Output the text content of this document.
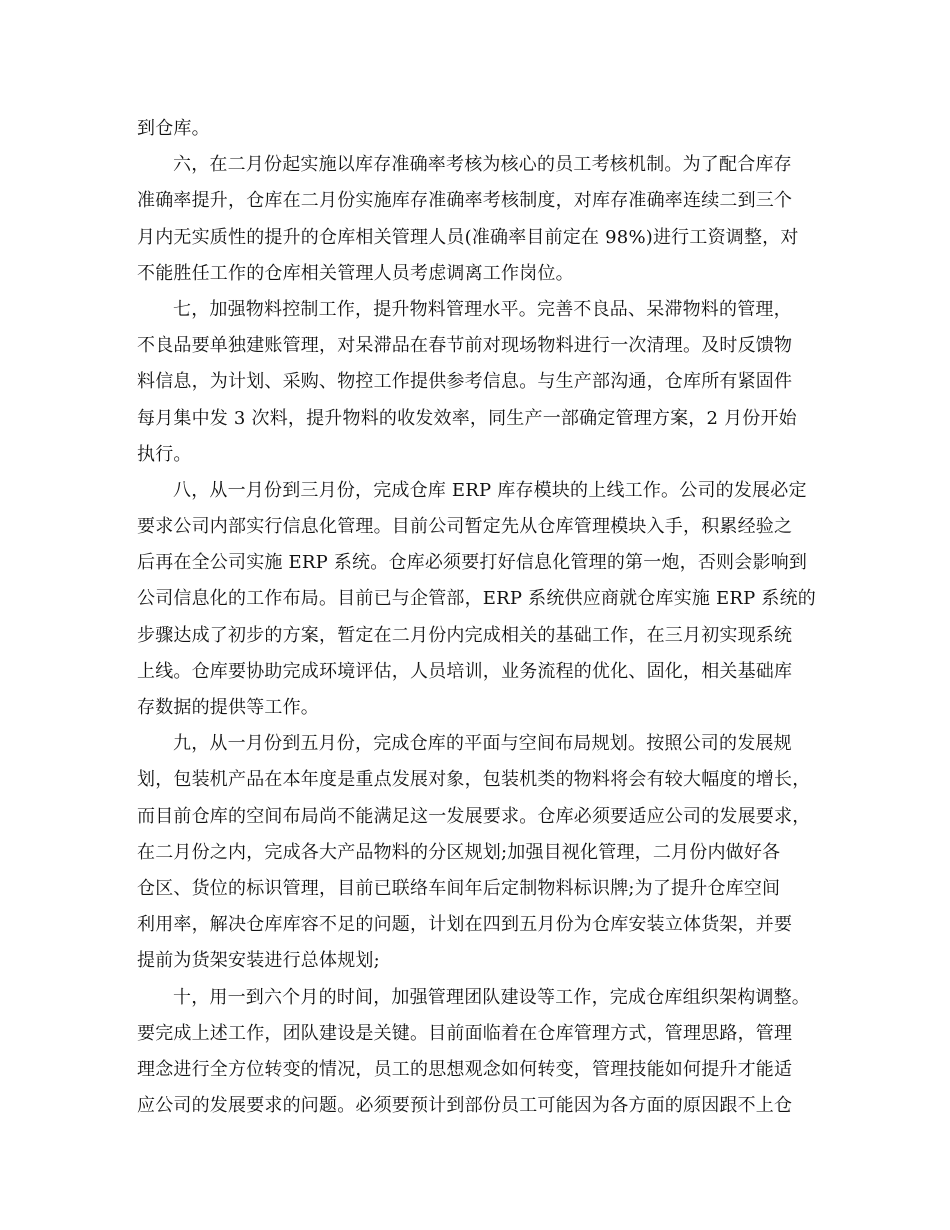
到仓库。
六，在二月份起实施以库存准确率考核为核心的员工考核机制。为了配合库存
准确率提升，仓库在二月份实施库存准确率考核制度，对库存准确率连续二到三个
月内无实质性的提升的仓库相关管理人员(准确率目前定在 98%)进行工资调整，对
不能胜任工作的仓库相关管理人员考虑调离工作岗位。
七，加强物料控制工作，提升物料管理水平。完善不良品、呆滞物料的管理，
不良品要单独建账管理，对呆滞品在春节前对现场物料进行一次清理。及时反馈物
料信息，为计划、采购、物控工作提供参考信息。与生产部沟通，仓库所有紧固件
每月集中发 3 次料，提升物料的收发效率，同生产一部确定管理方案，2 月份开始
执行。
八，从一月份到三月份，完成仓库 ERP 库存模块的上线工作。公司的发展必定
要求公司内部实行信息化管理。目前公司暂定先从仓库管理模块入手，积累经验之
后再在全公司实施 ERP 系统。仓库必须要打好信息化管理的第一炮，否则会影响到
公司信息化的工作布局。目前已与企管部，ERP 系统供应商就仓库实施 ERP 系统的
步骤达成了初步的方案，暂定在二月份内完成相关的基础工作，在三月初实现系统
上线。仓库要协助完成环境评估，人员培训，业务流程的优化、固化，相关基础库
存数据的提供等工作。
九，从一月份到五月份，完成仓库的平面与空间布局规划。按照公司的发展规
划，包装机产品在本年度是重点发展对象，包装机类的物料将会有较大幅度的增长，
而目前仓库的空间布局尚不能满足这一发展要求。仓库必须要适应公司的发展要求，
在二月份之内，完成各大产品物料的分区规划;加强目视化管理，二月份内做好各
仓区、货位的标识管理，目前已联络车间年后定制物料标识牌;为了提升仓库空间
利用率，解决仓库库容不足的问题，计划在四到五月份为仓库安装立体货架，并要
提前为货架安装进行总体规划;
十，用一到六个月的时间，加强管理团队建设等工作，完成仓库组织架构调整。
要完成上述工作，团队建设是关键。目前面临着在仓库管理方式，管理思路，管理
理念进行全方位转变的情况，员工的思想观念如何转变，管理技能如何提升才能适
应公司的发展要求的问题。必须要预计到部份员工可能因为各方面的原因跟不上仓
